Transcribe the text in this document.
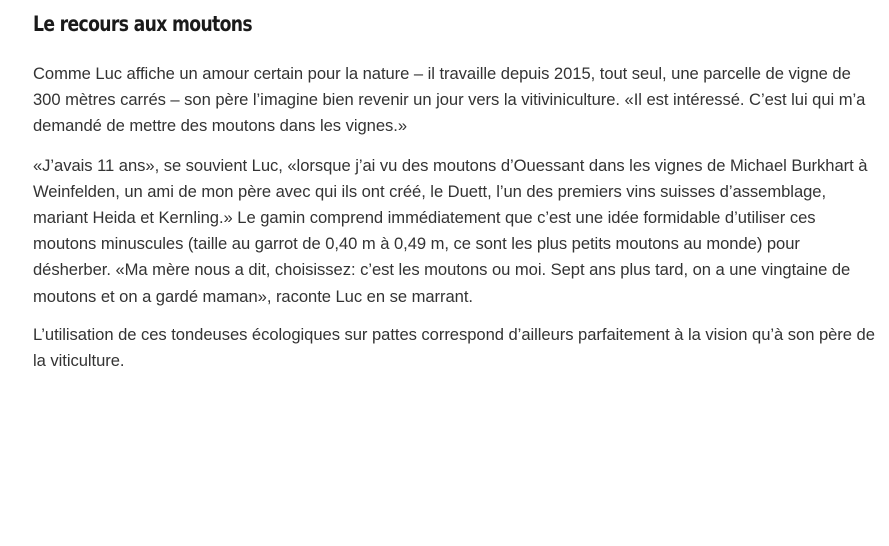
Le recours aux moutons

Comme Luc affiche un amour certain pour la nature – il travaille depuis 2015, tout seul, une parcelle de vigne de 300 mètres carrés – son père l’imagine bien revenir un jour vers la vitiviniculture. «Il est intéressé. C’est lui qui m’a demandé de mettre des moutons dans les vignes.»

«J’avais 11 ans», se souvient Luc, «lorsque j’ai vu des moutons d’Ouessant dans les vignes de Michael Burkhart à Weinfelden, un ami de mon père avec qui ils ont créé, le Duett, l’un des premiers vins suisses d’assemblage, mariant Heida et Kernling.» Le gamin comprend immédiatement que c’est une idée formidable d’utiliser ces moutons minuscules (taille au garrot de 0,40 m à 0,49 m, ce sont les plus petits moutons au monde) pour désherber. «Ma mère nous a dit, choisissez: c’est les moutons ou moi. Sept ans plus tard, on a une vingtaine de moutons et on a gardé maman», raconte Luc en se marrant.

L’utilisation de ces tondeuses écologiques sur pattes correspond d’ailleurs parfaitement à la vision qu’à son père de la viticulture.
